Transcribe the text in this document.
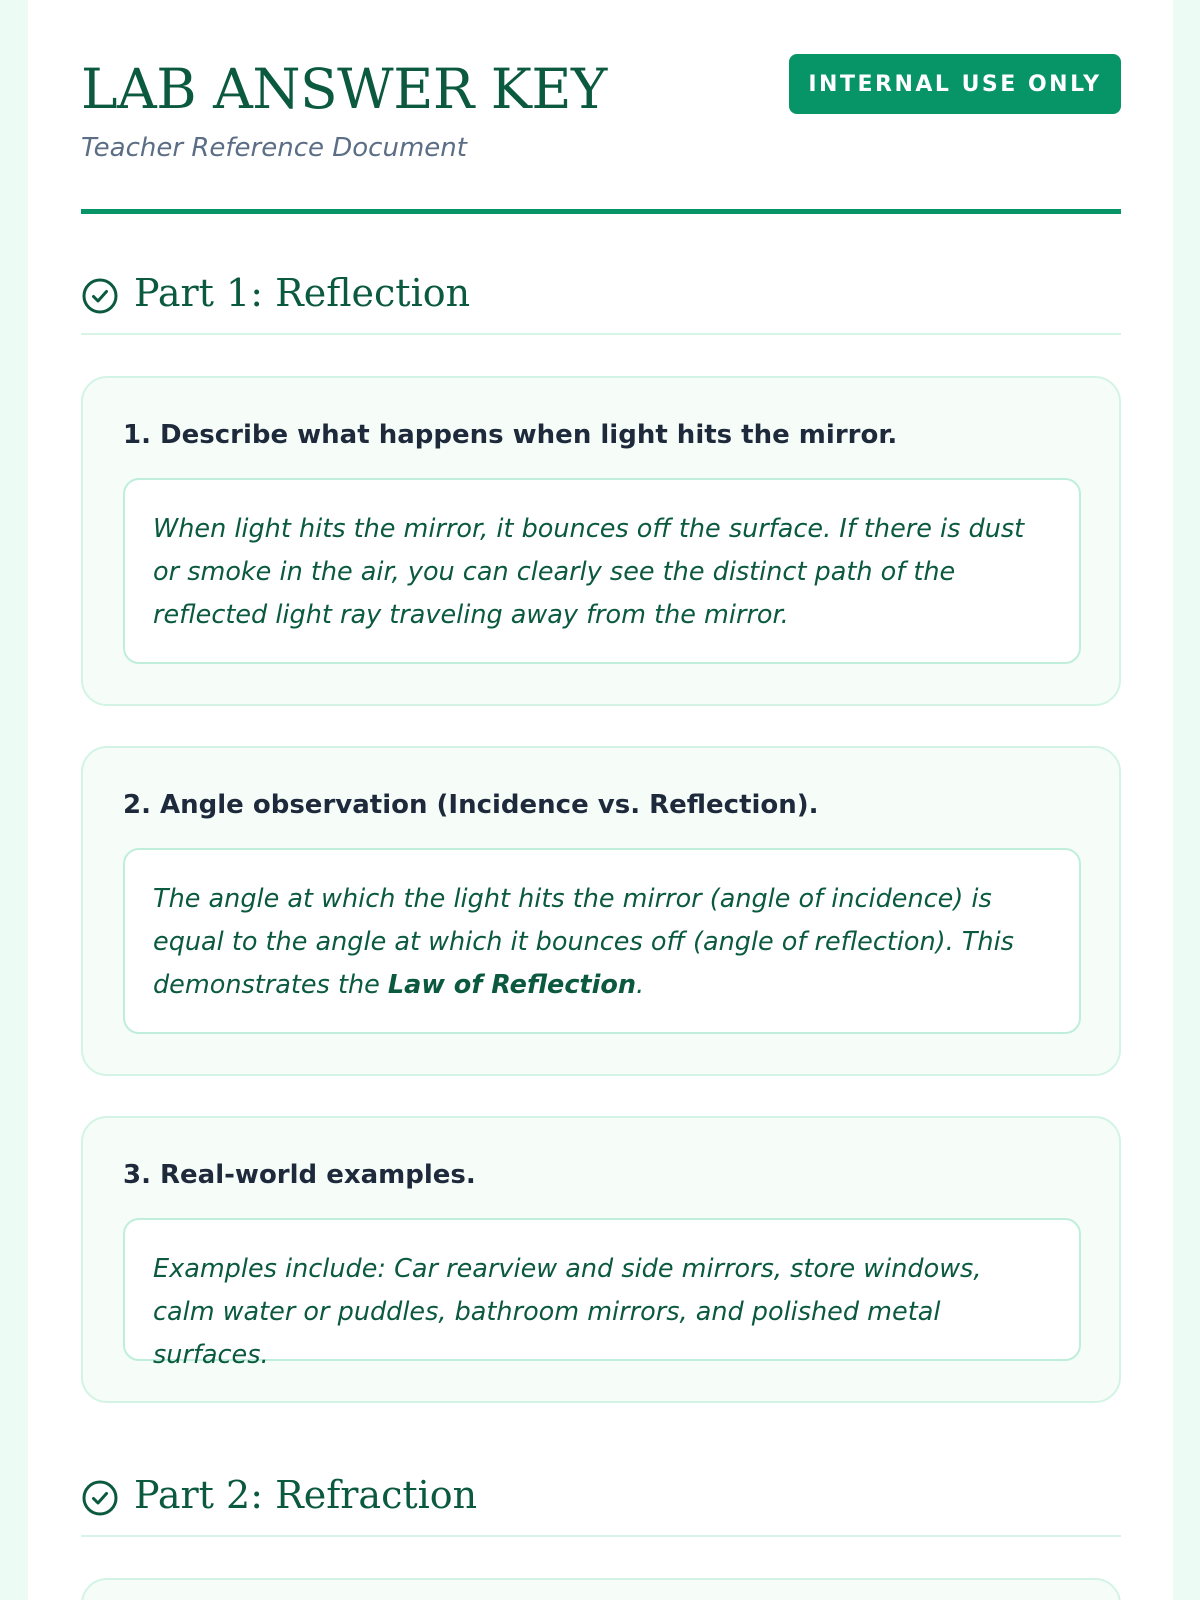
LAB ANSWER KEY
Teacher Reference Document
INTERNAL USE ONLY
Part 1: Reflection

1. Describe what happens when light hits the mirror.

When light hits the mirror, it bounces off the surface. If there is dust or smoke in the air, you can clearly see the distinct path of the reflected light ray traveling away from the mirror.

2. Angle observation (Incidence vs. Reflection).

The angle at which the light hits the mirror (angle of incidence) is equal to the angle at which it bounces off (angle of reflection). This demonstrates the Law of Reflection.

3. Real-world examples.

Examples include: Car rearview and side mirrors, store windows, calm water or puddles, bathroom mirrors, and polished metal surfaces.
Part 2: Refraction
